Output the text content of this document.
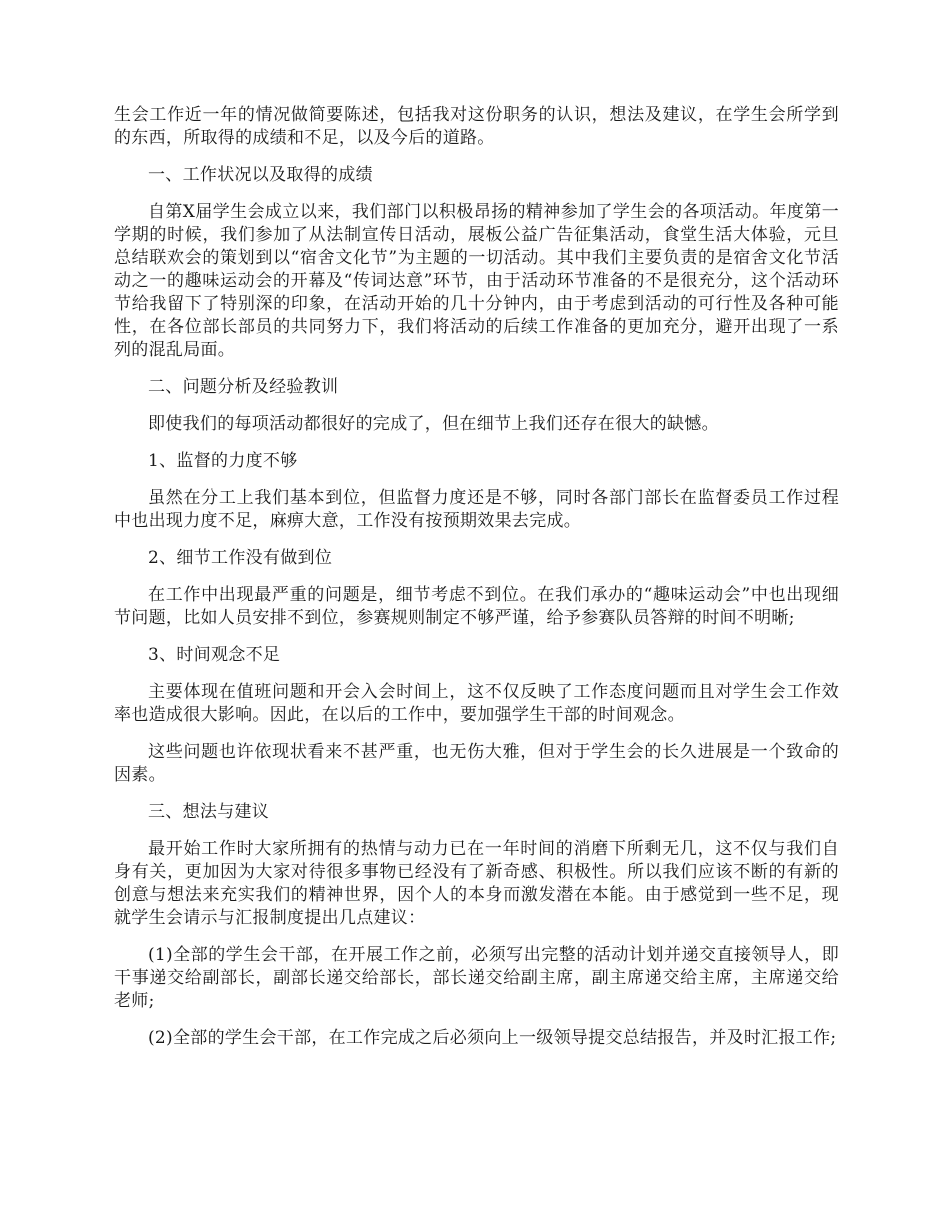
生会工作近一年的情况做简要陈述，包括我对这份职务的认识，想法及建议，在学生会所学到的东西，所取得的成绩和不足，以及今后的道路。

一、工作状况以及取得的成绩

自第X届学生会成立以来，我们部门以积极昂扬的精神参加了学生会的各项活动。年度第一学期的时候，我们参加了从法制宣传日活动，展板公益广告征集活动，食堂生活大体验，元旦总结联欢会的策划到以“宿舍文化节”为主题的一切活动。其中我们主要负责的是宿舍文化节活动之一的趣味运动会的开幕及“传词达意”环节，由于活动环节准备的不是很充分，这个活动环节给我留下了特别深的印象，在活动开始的几十分钟内，由于考虑到活动的可行性及各种可能性，在各位部长部员的共同努力下，我们将活动的后续工作准备的更加充分，避开出现了一系列的混乱局面。

二、问题分析及经验教训

即使我们的每项活动都很好的完成了，但在细节上我们还存在很大的缺憾。

1、监督的力度不够

虽然在分工上我们基本到位，但监督力度还是不够，同时各部门部长在监督委员工作过程中也出现力度不足，麻痹大意，工作没有按预期效果去完成。

2、细节工作没有做到位

在工作中出现最严重的问题是，细节考虑不到位。在我们承办的“趣味运动会”中也出现细节问题，比如人员安排不到位，参赛规则制定不够严谨，给予参赛队员答辩的时间不明晰;

3、时间观念不足

主要体现在值班问题和开会入会时间上，这不仅反映了工作态度问题而且对学生会工作效率也造成很大影响。因此，在以后的工作中，要加强学生干部的时间观念。

这些问题也许依现状看来不甚严重，也无伤大雅，但对于学生会的长久进展是一个致命的因素。

三、想法与建议

最开始工作时大家所拥有的热情与动力已在一年时间的消磨下所剩无几，这不仅与我们自身有关，更加因为大家对待很多事物已经没有了新奇感、积极性。所以我们应该不断的有新的创意与想法来充实我们的精神世界，因个人的本身而激发潜在本能。由于感觉到一些不足，现就学生会请示与汇报制度提出几点建议：

(1)全部的学生会干部，在开展工作之前，必须写出完整的活动计划并递交直接领导人，即干事递交给副部长，副部长递交给部长，部长递交给副主席，副主席递交给主席，主席递交给老师;

(2)全部的学生会干部，在工作完成之后必须向上一级领导提交总结报告，并及时汇报工作;
